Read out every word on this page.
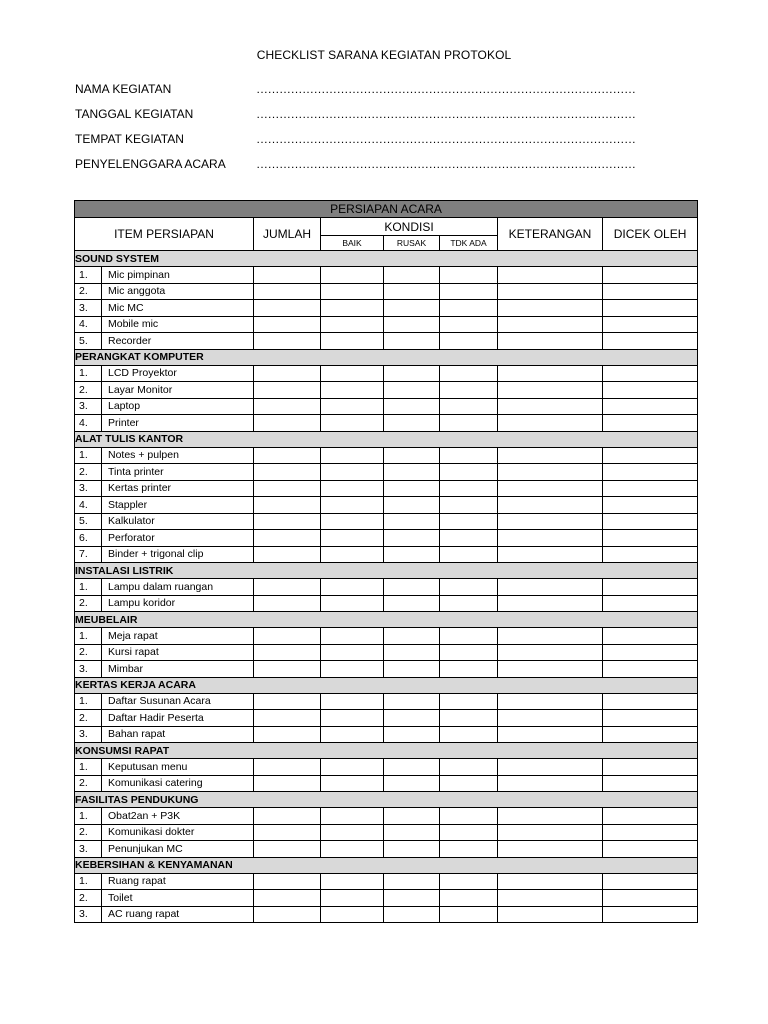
CHECKLIST SARANA KEGIATAN PROTOKOL
NAMA KEGIATAN	………………………………………………………………………………………
TANGGAL KEGIATAN	………………………………………………………………………………………
TEMPAT KEGIATAN	………………………………………………………………………………………
PENYELENGGARA ACARA	………………………………………………………………………………………
PERSIAPAN ACARA							
ITEM PERSIAPAN		JUMLAH	KONDISI			KETERANGAN	DICEK OLEH
			BAIK	RUSAK	TDK ADA		
SOUND SYSTEM							
1.	Mic pimpinan						
2.	Mic anggota						
3.	Mic MC						
4.	Mobile mic						
5.	Recorder						
PERANGKAT KOMPUTER							
1.	LCD Proyektor						
2.	Layar Monitor						
3.	Laptop						
4.	Printer						
ALAT TULIS KANTOR							
1.	Notes + pulpen						
2.	Tinta printer						
3.	Kertas printer						
4.	Stappler						
5.	Kalkulator						
6.	Perforator						
7.	Binder + trigonal clip						
INSTALASI LISTRIK							
1.	Lampu dalam ruangan						
2.	Lampu koridor						
MEUBELAIR							
1.	Meja rapat						
2.	Kursi rapat						
3.	Mimbar						
KERTAS KERJA ACARA							
1.	Daftar Susunan Acara						
2.	Daftar Hadir Peserta						
3.	Bahan rapat						
KONSUMSI RAPAT							
1.	Keputusan menu						
2.	Komunikasi catering						
FASILITAS PENDUKUNG							
1.	Obat2an + P3K						
2.	Komunikasi dokter						
3.	Penunjukan MC						
KEBERSIHAN & KENYAMANAN							
1.	Ruang rapat						
2.	Toilet						
3.	AC ruang rapat						
